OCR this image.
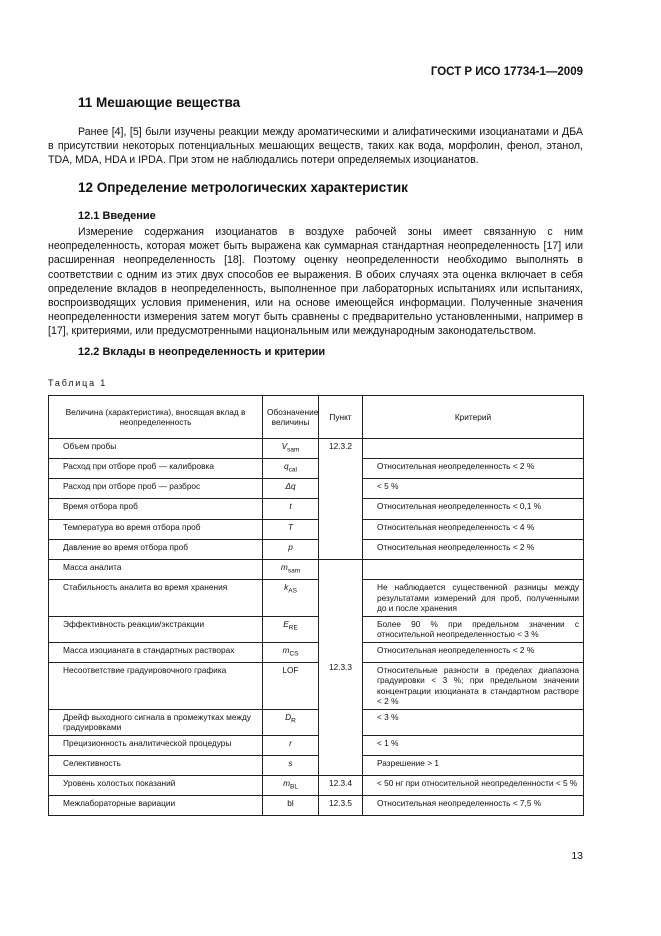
ГОСТ Р ИСО 17734-1—2009
11 Мешающие вещества

Ранее [4], [5] были изучены реакции между ароматическими и алифатическими изоцианатами и ДБА в присутствии некоторых потенциальных мешающих веществ, таких как вода, морфолин, фенол, этанол, TDA, MDA, HDA и IPDA. При этом не наблюдались потери определяемых изоцианатов.

12 Определение метрологических характеристик
12.1 Введение

Измерение содержания изоцианатов в воздухе рабочей зоны имеет связанную с ним неопределенность, которая может быть выражена как суммарная стандартная неопределенность [17] или расширенная неопределенность [18]. Поэтому оценку неопределенности необходимо выполнять в соответствии с одним из этих двух способов ее выражения. В обоих случаях эта оценка включает в себя определение вкладов в неопределенность, выполненное при лабораторных испытаниях или испытаниях, воспроизводящих условия применения, или на основе имеющейся информации. Полученные значения неопределенности измерения затем могут быть сравнены с предварительно установленными, например в [17], критериями, или предусмотренными национальным или международным законодательством.

12.2 Вклады в неопределенность и критерии
Таблица 1
Величина (характеристика), вносящая вклад в неопределенность	Обозначение величины	Пункт	Критерий
Объем пробы	$V_{sam}$	12.3.2	
Расход при отборе проб — калибровка	$q_{cal}$		Относительная неопределенность < 2 %
Расход при отборе проб — разброс	Δq		< 5 %
Время отбора проб	t		Относительная неопределенность < 0,1 %
Температура во время отбора проб	T		Относительная неопределенность < 4 %
Давление во время отбора проб	p		Относительная неопределенность < 2 %
Масса аналита	$m_{sam}$	12.3.3	
Стабильность аналита во время хранения	$k_{AS}$		Не наблюдается существенной разницы между результатами измерений для проб, полученными до и после хранения
Эффективность реакции/экстракции	$E_{RE}$		Более 90 % при предельном значении с относительной неопределенностью < 3 %
Масса изоцианата в стандартных растворах	$m_{CS}$		Относительная неопределенность < 2 %
Несоответствие градуировочного графика	LOF		Относительные разности в пределах диапазона градуировки < 3 %; при предельном значении концентрации изоцианата в стандартном растворе < 2 %
Дрейф выходного сигнала в промежутках между градуировками	$D_R$		< 3 %
Прецизионность аналитической процедуры	r		< 1 %
Селективность	s		Разрешение > 1
Уровень холостых показаний	$m_{BL}$	12.3.4	< 50 нг при относительной неопределенности < 5 %
Межлабораторные вариации	bl	12.3.5	Относительная неопределенность < 7,5 %
13
